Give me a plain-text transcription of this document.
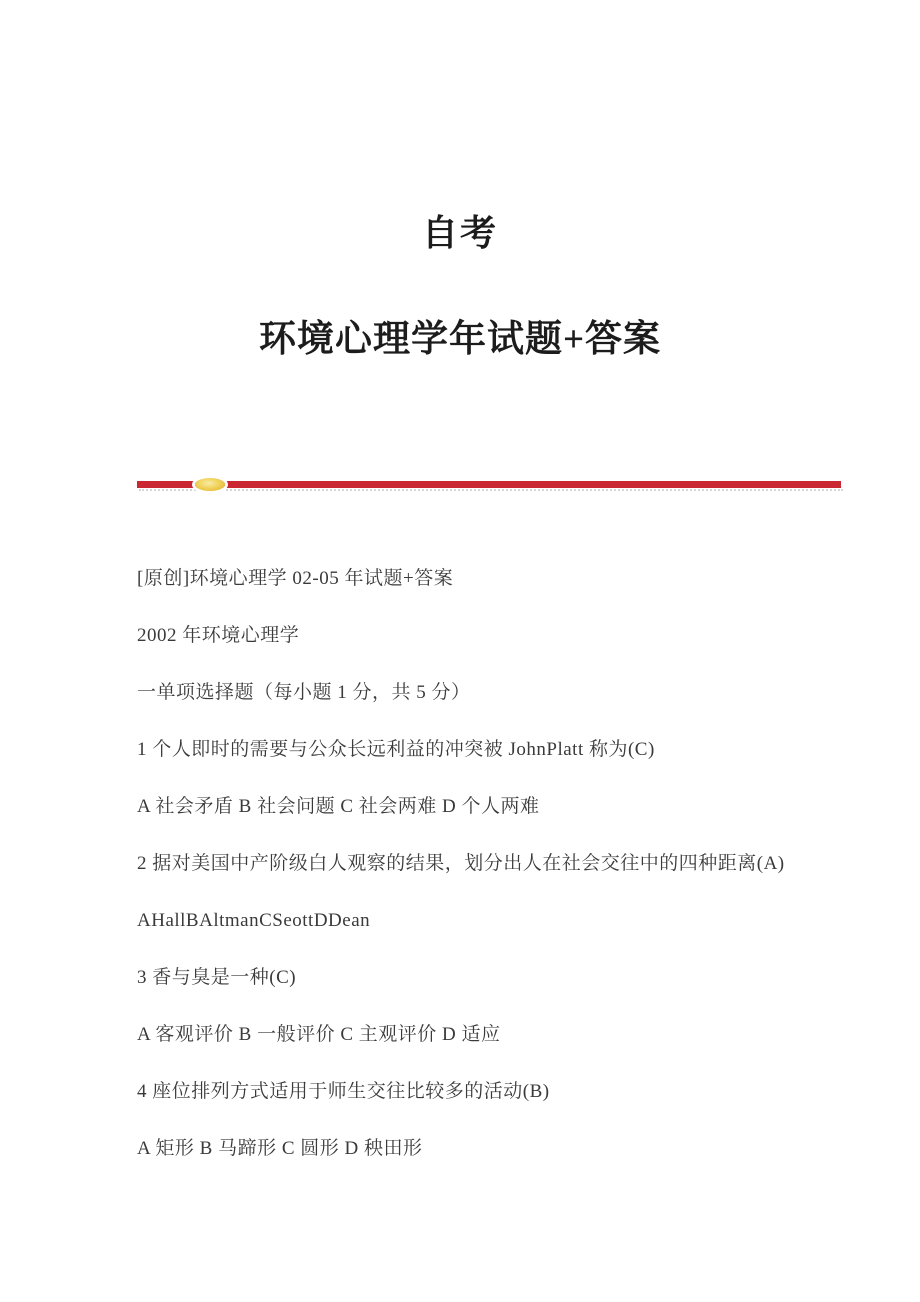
自考
环境心理学年试题+答案

[原创]环境心理学 02-05 年试题+答案

2002 年环境心理学

一单项选择题（每小题 1 分，共 5 分）

1 个人即时的需要与公众长远利益的冲突被 JohnPlatt 称为(C)

A 社会矛盾 B 社会问题 C 社会两难 D 个人两难

2 据对美国中产阶级白人观察的结果，划分出人在社会交往中的四种距离(A)

AHallBAltmanCSeottDDean

3 香与臭是一种(C)

A 客观评价 B 一般评价 C 主观评价 D 适应

4 座位排列方式适用于师生交往比较多的活动(B)

A 矩形 B 马蹄形 C 圆形 D 秧田形
